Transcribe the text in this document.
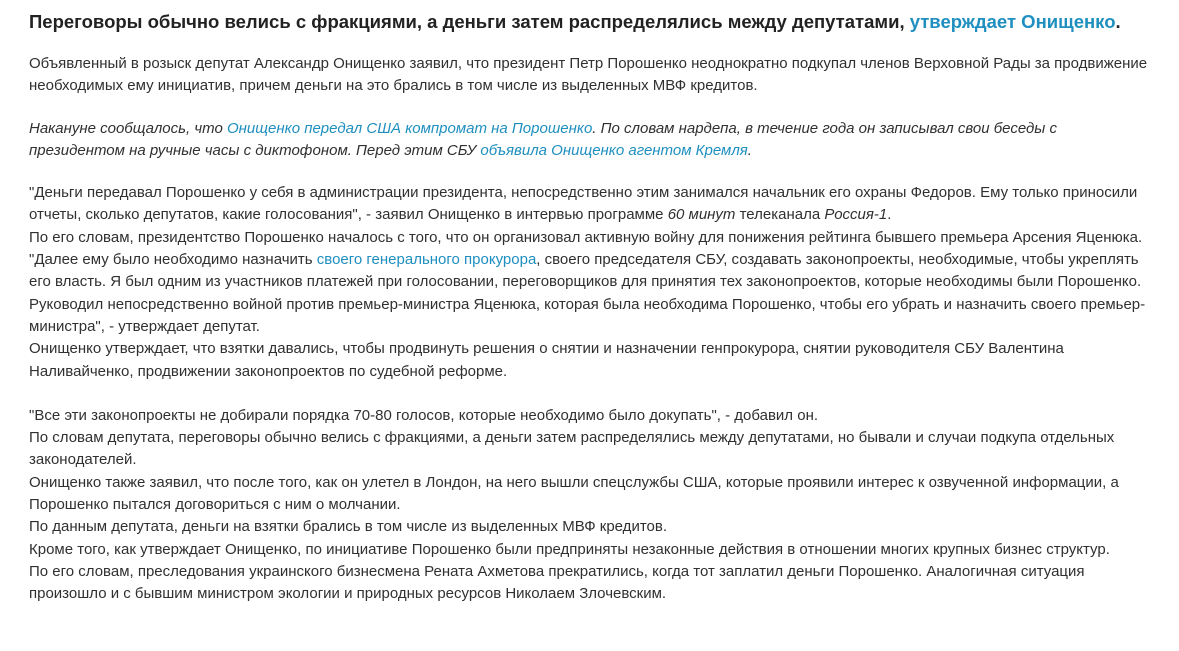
Переговоры обычно велись с фракциями, а деньги затем распределялись между депутатами, утверждает Онищенко.

Объявленный в розыск депутат Александр Онищенко заявил, что президент Петр Порошенко неоднократно подкупал членов Верховной Рады за продвижение необходимых ему инициатив, причем деньги на это брались в том числе из выделенных МВФ кредитов.

Накануне сообщалось, что Онищенко передал США компромат на Порошенко. По словам нардепа, в течение года он записывал свои беседы с президентом на ручные часы с диктофоном. Перед этим СБУ объявила Онищенко агентом Кремля.

"Деньги передавал Порошенко у себя в администрации президента, непосредственно этим занимался начальник его охраны Федоров. Ему только приносили отчеты, сколько депутатов, какие голосования", - заявил Онищенко в интервью программе 60 минут телеканала Россия-1.

По его словам, президентство Порошенко началось с того, что он организовал активную войну для понижения рейтинга бывшего премьера Арсения Яценюка.

"Далее ему было необходимо назначить своего генерального прокурора, своего председателя СБУ, создавать законопроекты, необходимые, чтобы укреплять его власть. Я был одним из участников платежей при голосовании, переговорщиков для принятия тех законопроектов, которые необходимы были Порошенко. Руководил непосредственно войной против премьер-министра Яценюка, которая была необходима Порошенко, чтобы его убрать и назначить своего премьер-министра", - утверждает депутат.

Онищенко утверждает, что взятки давались, чтобы продвинуть решения о снятии и назначении генпрокурора, снятии руководителя СБУ Валентина Наливайченко, продвижении законопроектов по судебной реформе.

"Все эти законопроекты не добирали порядка 70-80 голосов, которые необходимо было докупать", - добавил он.

По словам депутата, переговоры обычно велись с фракциями, а деньги затем распределялись между депутатами, но бывали и случаи подкупа отдельных законодателей.

Онищенко также заявил, что после того, как он улетел в Лондон, на него вышли спецслужбы США, которые проявили интерес к озвученной информации, а Порошенко пытался договориться с ним о молчании.

По данным депутата, деньги на взятки брались в том числе из выделенных МВФ кредитов.

Кроме того, как утверждает Онищенко, по инициативе Порошенко были предприняты незаконные действия в отношении многих крупных бизнес структур.

По его словам, преследования украинского бизнесмена Рената Ахметова прекратились, когда тот заплатил деньги Порошенко. Аналогичная ситуация произошло и с бывшим министром экологии и природных ресурсов Николаем Злочевским.
